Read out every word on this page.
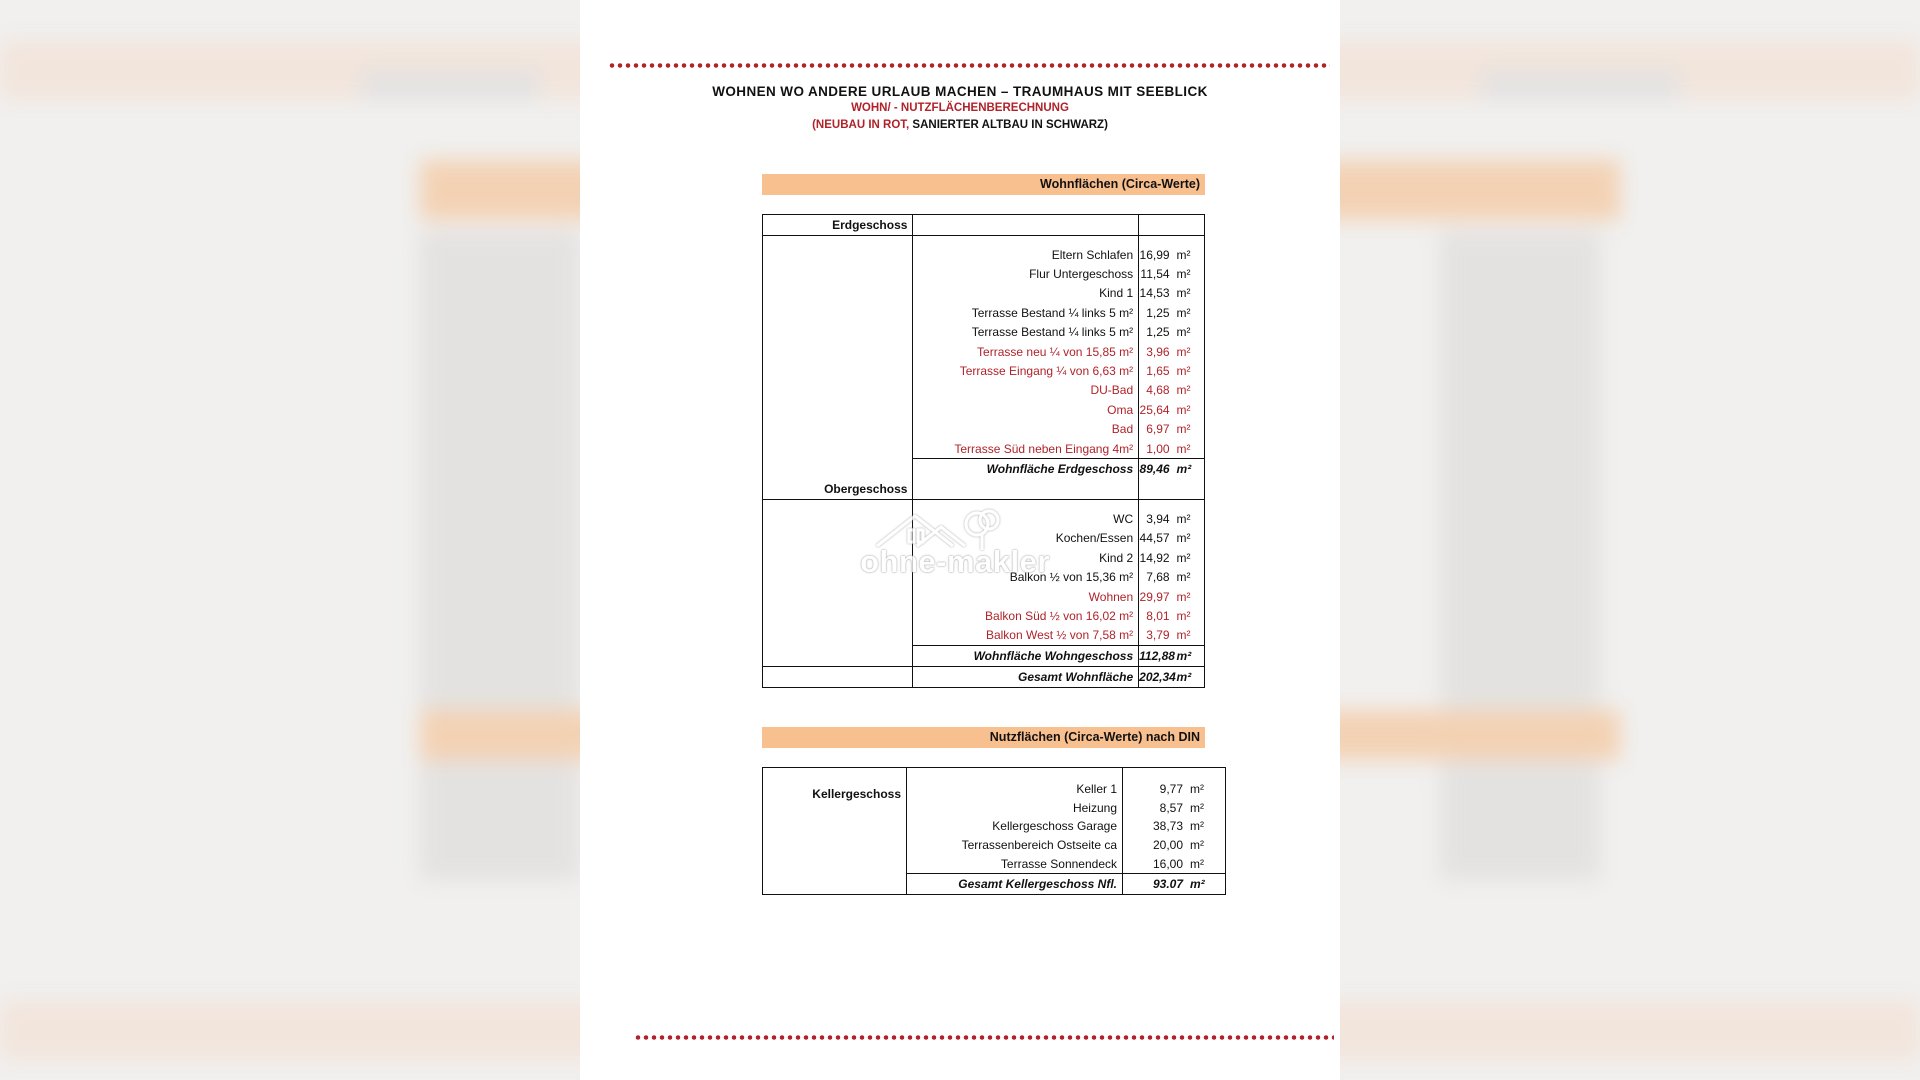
WOHNEN WO ANDERE URLAUB MACHEN – TRAUMHAUS MIT SEEBLICK
WOHN/ - NUTZFLÄCHENBERECHNUNG
(NEUBAU IN ROT, SANIERTER ALTBAU IN SCHWARZ)
Wohnflächen (Circa-Werte)
Erdgeschoss			

	Eltern Schlafen	16,99	m²
	Flur Untergeschoss	11,54	m²
	Kind 1	14,53	m²
	Terrasse Bestand ¼ links 5 m²	1,25	m²
	Terrasse Bestand ¼ links 5 m²	1,25	m²
	Terrasse neu ¼ von 15,85 m²	3,96	m²
	Terrasse Eingang ¼ von 6,63 m²	1,65	m²
	DU-Bad	4,68	m²
	Oma	25,64	m²
	Bad	6,97	m²
	Terrasse Süd neben Eingang 4m²	1,00	m²
	Wohnfläche Erdgeschoss	89,46	m²
Obergeschoss			

	WC	3,94	m²
	Kochen/Essen	44,57	m²
	Kind 2	14,92	m²
	Balkon ½ von 15,36 m²	7,68	m²
	Wohnen	29,97	m²
	Balkon Süd ½ von 16,02 m²	8,01	m²
	Balkon West ½ von 7,58 m²	3,79	m²
	Wohnfläche Wohngeschoss	112,88	m²
	Gesamt Wohnfläche	202,34	m²
Nutzflächen (Circa-Werte) nach DIN
Kellergeschoss	Keller 1	9,77	m²
	Heizung	8,57	m²
	Kellergeschoss Garage	38,73	m²
	Terrassenbereich Ostseite ca	20,00	m²
	Terrasse Sonnendeck	16,00	m²
	Gesamt Kellergeschoss Nfl.	93.07	m²
ohne-makler
